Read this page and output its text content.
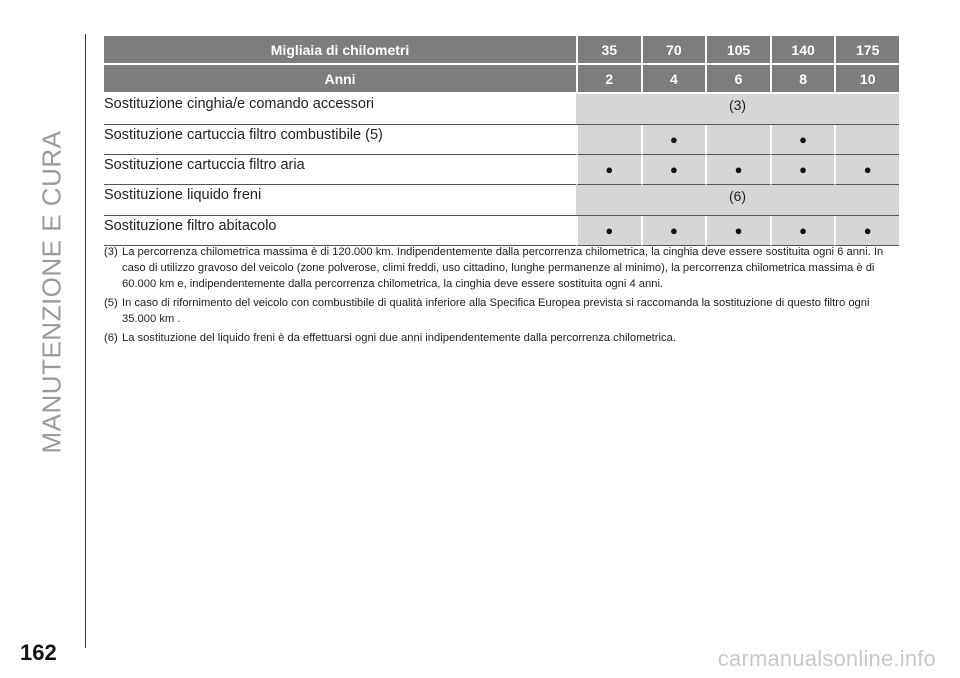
MANUTENZIONE E CURA
Migliaia di chilometri	35	70	105	140	175
Anni	2	4	6	8	10
Sostituzione cinghia/e comando accessori	(3)				
Sostituzione cartuccia filtro combustibile (5)		●		●	
Sostituzione cartuccia filtro aria	●	●	●	●	●
Sostituzione liquido freni	(6)				
Sostituzione filtro abitacolo	●	●	●	●	●
(3) La percorrenza chilometrica massima è di 120.000 km. Indipendentemente dalla percorrenza chilometrica, la cinghia deve essere sostituita ogni 6 anni. In caso di utilizzo gravoso del veicolo (zone polverose, climi freddi, uso cittadino, lunghe permanenze al minimo), la percorrenza chilometrica massima è di 60.000 km e, indipendentemente dalla percorrenza chilometrica, la cinghia deve essere sostituita ogni 4 anni.
(5) In caso di rifornimento del veicolo con combustibile di qualità inferiore alla Specifica Europea prevista si raccomanda la sostituzione di questo filtro ogni 35.000 km .
(6) La sostituzione del liquido freni è da effettuarsi ogni due anni indipendentemente dalla percorrenza chilometrica.
162	carmanualsonline.info
